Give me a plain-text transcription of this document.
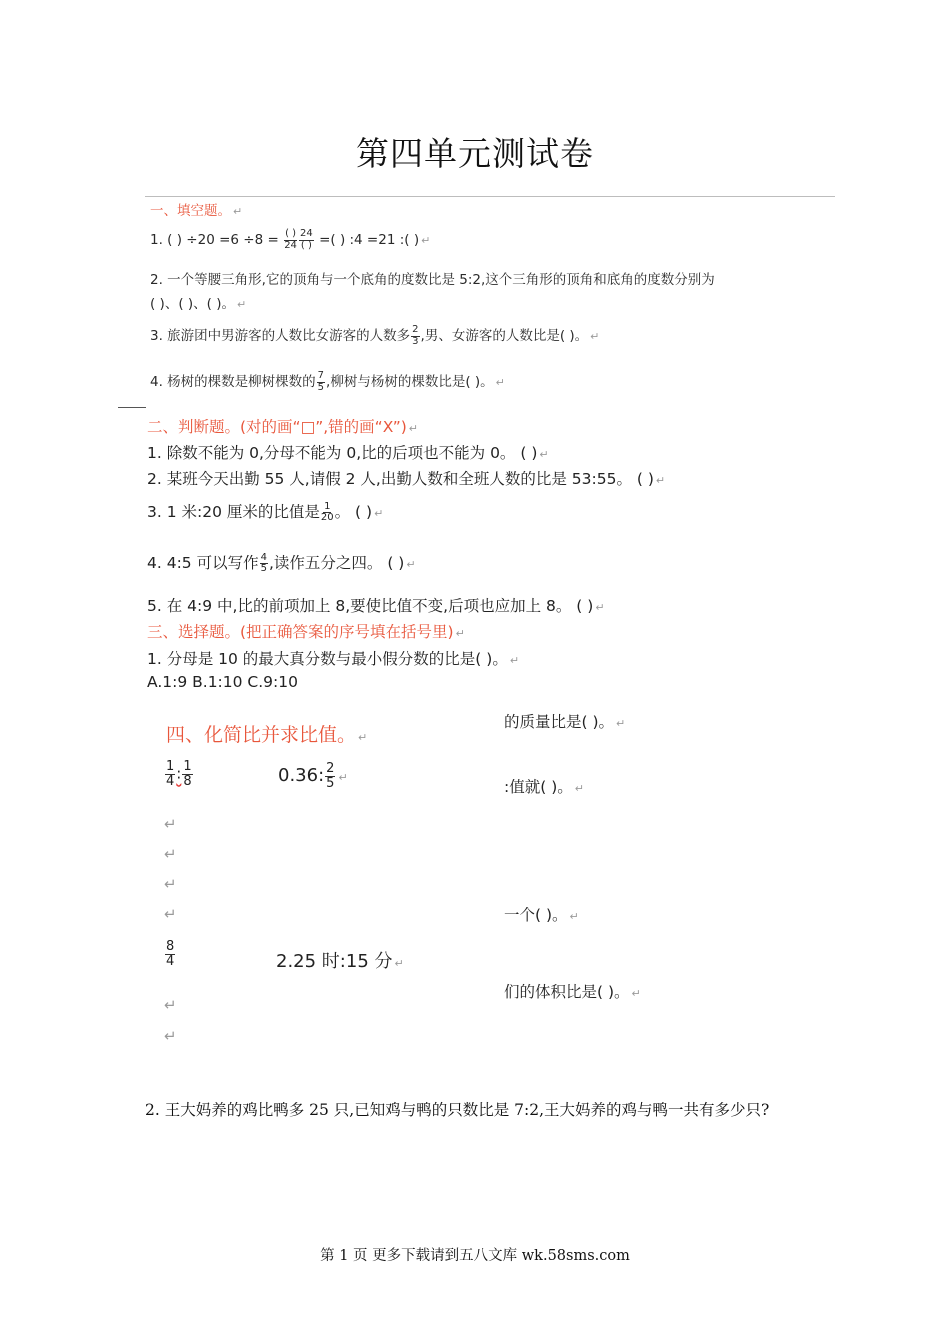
第四单元测试卷
一、填空题。 ↵
1. ( ) $\div 20 =6 \div 8 = \frac{( )}{24} \frac{24}{( )}$ =( ) :4 =21 :( ) ↵
2. 一个等腰三角形,它的顶角与一个底角的度数比是 5:2,这个三角形的顶角和底角的度数分别为
( )、( )、( )。 ↵
3. 旅游团中男游客的人数比女游客的人数多 $\frac{2}{3}$ ,男、女游客的人数比是( )。 ↵
4. 杨树的棵数是柳树棵数的 $\frac{7}{5}$ ,柳树与杨树的棵数比是( )。 ↵
二、判断题。(对的画“□”,错的画“X”) ↵
1. 除数不能为 0,分母不能为 0,比的后项也不能为 0。 ( ) ↵
2. 某班今天出勤 55 人,请假 2 人,出勤人数和全班人数的比是 53:55。 ( ) ↵
3. 1 米:20 厘米的比值是 $\frac{1}{20}$ 。 ( ) ↵
4. 4:5 可以写作 $\frac{4}{5}$ ,读作五分之四。 ( ) ↵
5. 在 4:9 中,比的前项加上 8,要使比值不变,后项也应加上 8。 ( ) ↵
三、选择题。(把正确答案的序号填在括号里) ↵
1. 分母是 10 的最大真分数与最小假分数的比是( )。 ↵
A.1:9 B.1:10 C.9:10
的质量比是( )。 ↵
:值就( )。 ↵
一个( )。 ↵
们的体积比是( )。 ↵
四、化简比并求比值。 ↵
$\frac{1}{4}$ : $\frac{1}{8}$	0.36: $\frac{2}{5}$ ↵
↵
↵
↵
↵
$\frac{8}{4}$	2.25 时:15 分 ↵
↵
↵
2. 王大妈养的鸡比鸭多 25 只,已知鸡与鸭的只数比是 7:2,王大妈养的鸡与鸭一共有多少只?
第 1 页 更多下载请到五八文库 wk.58sms.com
